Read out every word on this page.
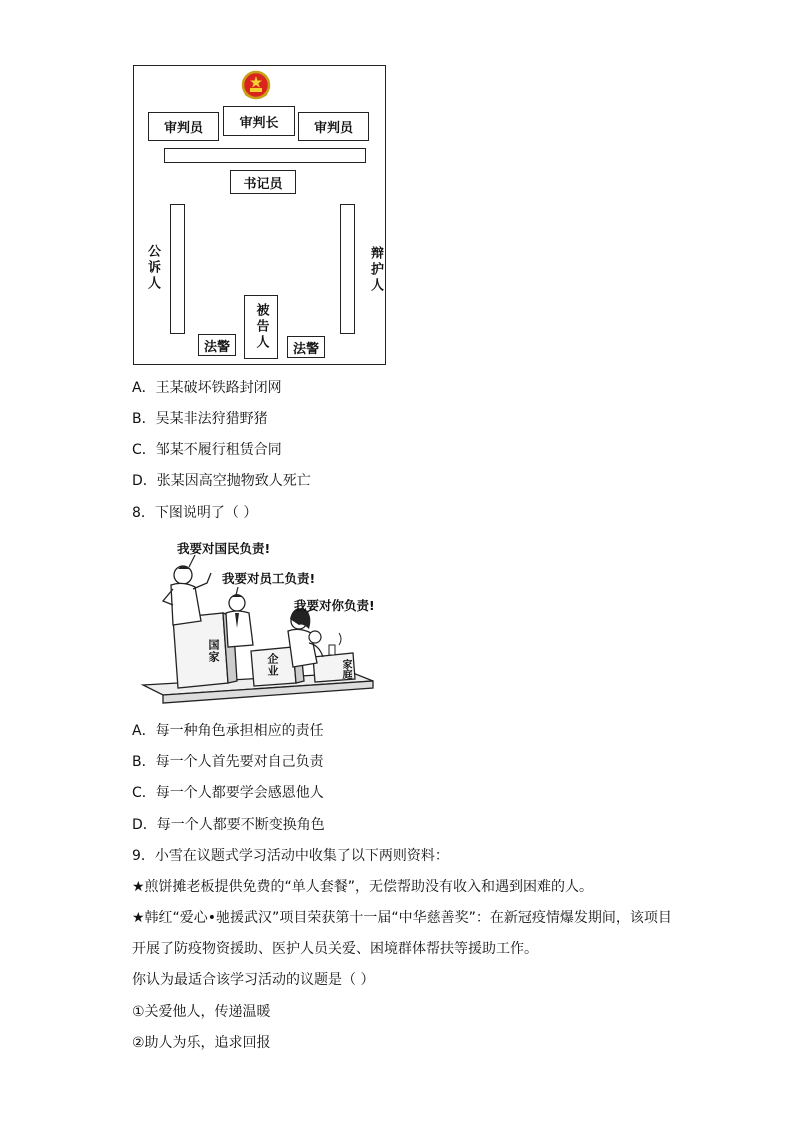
审判员	审判长	审判员
书记员
公诉人	辩护人
被告人
法警	法警
A．王某破坏铁路封闭网
B．吴某非法狩猎野猪
C．邹某不履行租赁合同
D．张某因高空抛物致人死亡
8．下图说明了（ ）
我要对国民负责!
我要对员工负责!
我要对你负责!
国家
企业	家庭
A．每一种角色承担相应的责任
B．每一个人首先要对自己负责
C．每一个人都要学会感恩他人
D．每一个人都要不断变换角色
9．小雪在议题式学习活动中收集了以下两则资料：
★煎饼摊老板提供免费的“单人套餐”，无偿帮助没有收入和遇到困难的人。
★韩红“爱心•驰援武汉”项目荣获第十一届“中华慈善奖”：在新冠疫情爆发期间，该项目
开展了防疫物资援助、医护人员关爱、困境群体帮扶等援助工作。
你认为最适合该学习活动的议题是（ ）
①关爱他人，传递温暖
②助人为乐，追求回报
